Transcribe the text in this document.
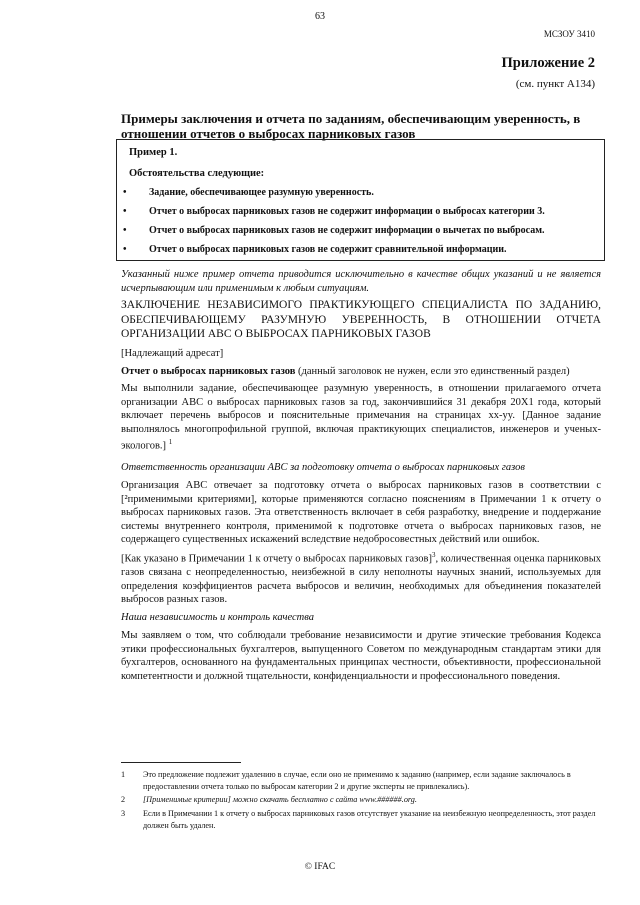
63
МСЗОУ 3410
Приложение 2
(см. пункт A134)
Примеры заключения и отчета по заданиям, обеспечивающим уверенность, в
отношении отчетов о выбросах парниковых газов
Пример 1.
Обстоятельства следующие:
• Задание, обеспечивающее разумную уверенность.
• Отчет о выбросах парниковых газов не содержит информации о выбросах категории 3.
• Отчет о выбросах парниковых газов не содержит информации о вычетах по выбросам.
• Отчет о выбросах парниковых газов не содержит сравнительной информации.
Указанный ниже пример отчета приводится исключительно в качестве общих указаний и не является исчерпывающим или применимым к любым ситуациям.
ЗАКЛЮЧЕНИЕ НЕЗАВИСИМОГО ПРАКТИКУЮЩЕГО СПЕЦИАЛИСТА ПО ЗАДАНИЮ, ОБЕСПЕЧИВАЮЩЕМУ РАЗУМНУЮ УВЕРЕННОСТЬ, В ОТНОШЕНИИ ОТЧЕТА ОРГАНИЗАЦИИ ABC О ВЫБРОСАХ ПАРНИКОВЫХ ГАЗОВ
[Надлежащий адресат]
Отчет о выбросах парниковых газов (данный заголовок не нужен, если это единственный раздел)
Мы выполнили задание, обеспечивающее разумную уверенность, в отношении прилагаемого отчета организации ABC о выбросах парниковых газов за год, закончившийся 31 декабря 20X1 года, который включает перечень выбросов и пояснительные примечания на страницах xx-yy. [Данное задание выполнялось многопрофильной группой, включая практикующих специалистов, инженеров и ученых-экологов.] $^1$
Ответственность организации ABC за подготовку отчета о выбросах парниковых газов
Организация ABC отвечает за подготовку отчета о выбросах парниковых газов в соответствии с [²применимыми критериями], которые применяются согласно пояснениям в Примечании 1 к отчету о выбросах парниковых газов. Эта ответственность включает в себя разработку, внедрение и поддержание системы внутреннего контроля, применимой к подготовке отчета о выбросах парниковых газов, не содержащего существенных искажений вследствие недобросовестных действий или ошибок.
[Как указано в Примечании 1 к отчету о выбросах парниковых газов]$^3$, количественная оценка парниковых газов связана с неопределенностью, неизбежной в силу неполноты научных знаний, используемых для определения коэффициентов расчета выбросов и величин, необходимых для объединения показателей выбросов разных газов.
Наша независимость и контроль качества
Мы заявляем о том, что соблюдали требование независимости и другие этические требования Кодекса этики профессиональных бухгалтеров, выпущенного Советом по международным стандартам этики для бухгалтеров, основанного на фундаментальных принципах честности, объективности, профессиональной компетентности и должной тщательности, конфиденциальности и профессионального поведения.
1 Это предложение подлежит удалению в случае, если оно не применимо к заданию (например, если задание заключалось в предоставлении отчета только по выбросам категории 2 и другие эксперты не привлекались).
2 [Применимые критерии] можно скачать бесплатно с сайта www.######.org.
3 Если в Примечании 1 к отчету о выбросах парниковых газов отсутствует указание на неизбежную неопределенность, этот раздел должен быть удален.
© IFAC
